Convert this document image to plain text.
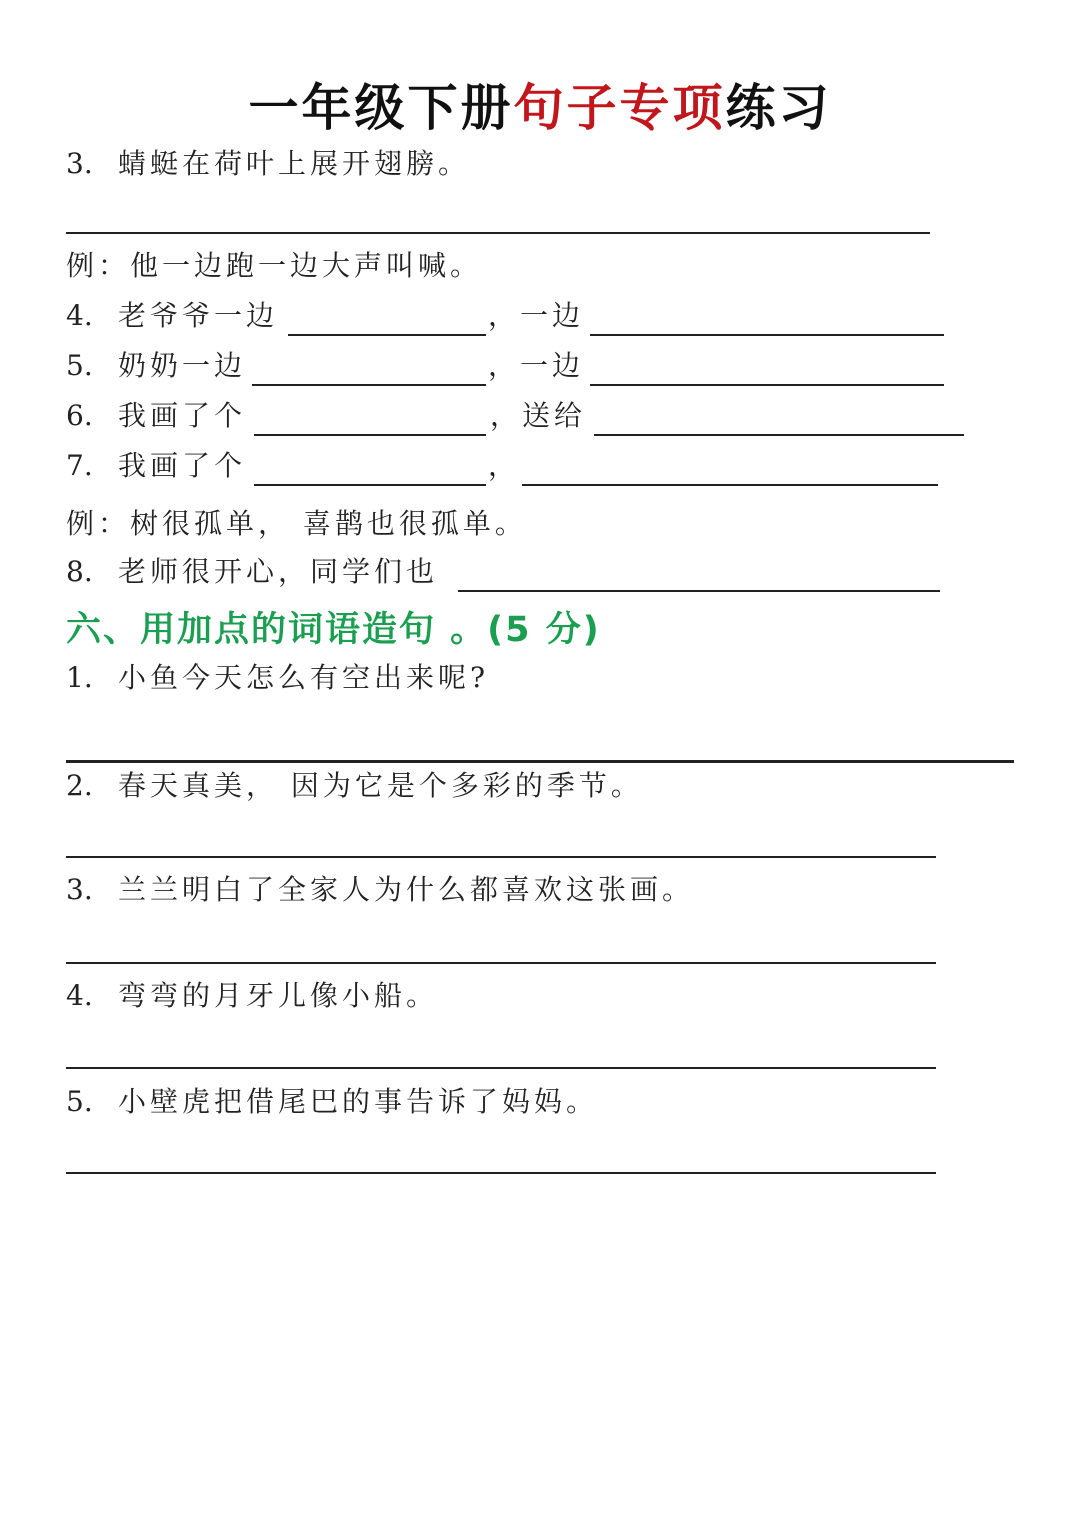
一年级下册句子专项练习
3. 蜻蜓在荷叶上展开翅膀。
例：他一边跑一边大声叫喊。
4. 老爷爷一边	，一边
5. 奶奶一边	，一边
6. 我画了个	，送给
7. 我画了个	，
例：树很孤单， 喜鹊也很孤单。
8. 老师很开心，同学们也
六、用加点的词语造句 。(5 分)
1. 小鱼今天怎么有空出来呢?
2. 春天真美， 因为它是个多彩的季节。
3. 兰兰明白了全家人为什么都喜欢这张画。
4. 弯弯的月牙儿像小船。
5. 小壁虎把借尾巴的事告诉了妈妈。
